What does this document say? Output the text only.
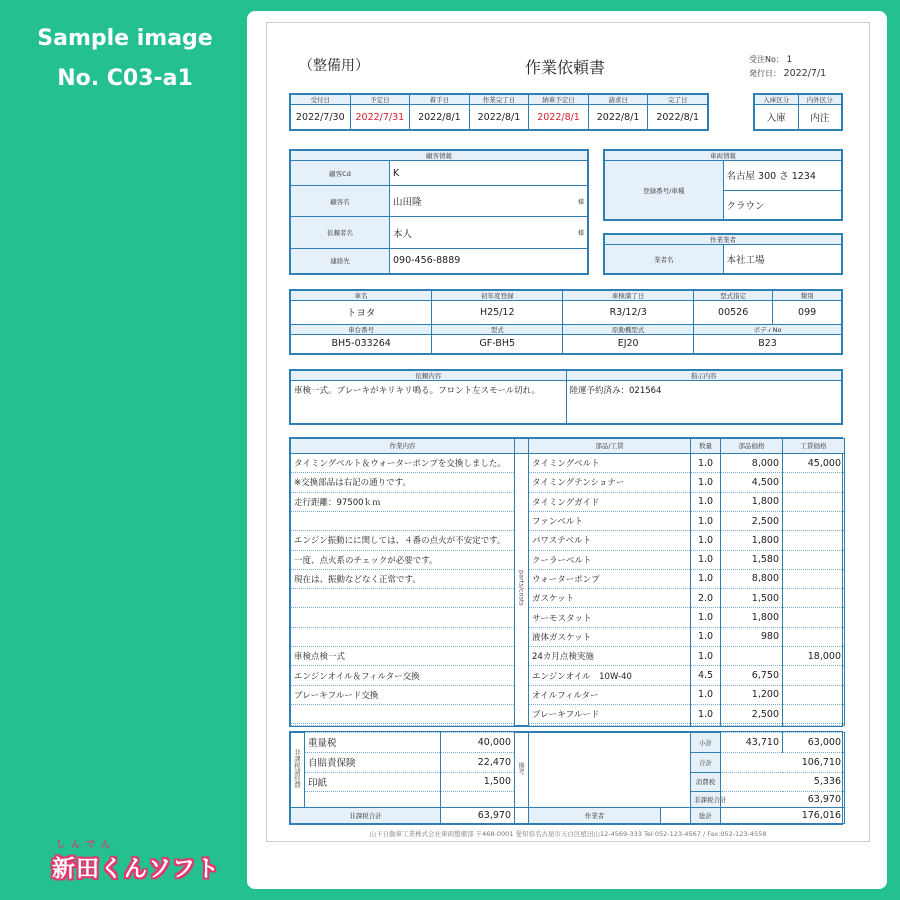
Sample image
No. C03-a1
しんでん
新田くんソフト
（整備用）	作業依頼書	受注No： 1
発行日： 2022/7/1
受付日	予定日	着手日	作業完了日	納車予定日	請求日	完了日
2022/7/30	2022/7/31	2022/8/1	2022/8/1	2022/8/1	2022/8/1	2022/8/1
入庫区分	内外区分
入庫	内注
顧客情報		
顧客Cd	K	
顧客名	山田隆	様
依頼者名	本人	様
連絡先	090-456-8889	
車両情報
登録番号/車種	名古屋 300 さ 1234
クラウン
作業業者
業者名	本社工場
車名	初年度登録	車検満了日	型式指定	類別
トヨタ	H25/12	R3/12/3	00526	099
車台番号	型式	原動機型式	ボディNo	
BH5-033264	GF-BH5	EJ20	B23	
依頼内容	指示内容
車検一式。ブレーキがキリキリ鳴る。フロント左スモール切れ。	陸運予約済み：021564
作業内容		部品/工賃	数量	部品価格	工賃価格
タイミングベルト＆ウォーターポンプを交換しました。	parts/costs	タイミングベルト	1.0	8,000	45,000
※交換部品は右記の通りです。		タイミングテンショナー	1.0	4,500	
走行距離：97500ｋｍ		タイミングガイド	1.0	1,800	
		ファンベルト	1.0	2,500	
エンジン振動にに関しては、４番の点火が不安定です。		パワステベルト	1.0	1,800	
一度、点火系のチェックが必要です。		クーラーベルト	1.0	1,580	
現在は、振動などなく正常です。		ウォーターポンプ	1.0	8,800	
		ガスケット	2.0	1,500	
		サーモスタット	1.0	1,800	
		液体ガスケット	1.0	980	
車検点検一式		24カ月点検実施	1.0		18,000
エンジンオイル＆フィルター交換		エンジンオイル　10W-40	4.5	6,750	
ブレーキフルード交換		オイルフィルター	1.0	1,200	
		ブレーキフルード	1.0	2,500	

非課税諸経費	重量税	40,000	備考			小計	43,710	63,000
	自賠責保険	22,470				合計	106,710	
	印紙	1,500				消費税	5,336	
						非課税合計	63,970	
非課税合計		63,970		作業者		総計	176,016	
山下自動車工業株式会社車両整備部 〒468-0001 愛知県名古屋市天白区植田山12-4569-333 Tel:052-123-4567 / Fax:052-123-4558
